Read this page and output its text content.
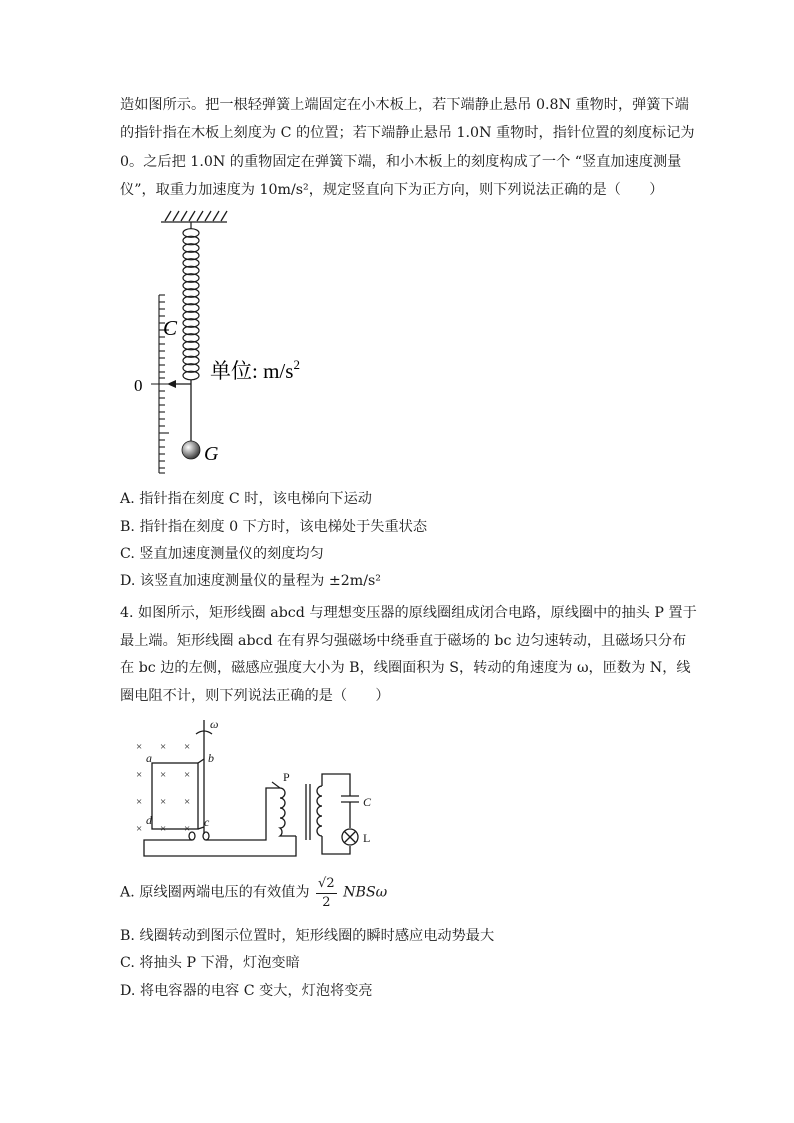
造如图所示。把一根轻弹簧上端固定在小木板上，若下端静止悬吊 0.8N 重物时，弹簧下端
的指针指在木板上刻度为 C 的位置；若下端静止悬吊 1.0N 重物时，指针位置的刻度标记为
0。之后把 1.0N 的重物固定在弹簧下端，和小木板上的刻度构成了一个 “竖直加速度测量
仪”，取重力加速度为 10m/s²，规定竖直向下为正方向，则下列说法正确的是（　　）
C
0
G
单位: $m/s^2$
A. 指针指在刻度 C 时，该电梯向下运动
B. 指针指在刻度 0 下方时，该电梯处于失重状态
C. 竖直加速度测量仪的刻度均匀
D. 该竖直加速度测量仪的量程为 ±2m/s²
4. 如图所示，矩形线圈 abcd 与理想变压器的原线圈组成闭合电路，原线圈中的抽头 P 置于
最上端。矩形线圈 abcd 在有界匀强磁场中绕垂直于磁场的 bc 边匀速转动，且磁场只分布
在 bc 边的左侧，磁感应强度大小为 B，线圈面积为 S，转动的角速度为 ω，匝数为 N，线
圈电阻不计，则下列说法正确的是（　　）
× × ×
× × ×
× × ×
× × ×
ω
a	b
c
d
P
C
L
A. 原线圈两端电压的有效值为 $\frac{√2}{2}$ NBSω
B. 线圈转动到图示位置时，矩形线圈的瞬时感应电动势最大
C. 将抽头 P 下滑，灯泡变暗
D. 将电容器的电容 C 变大，灯泡将变亮
